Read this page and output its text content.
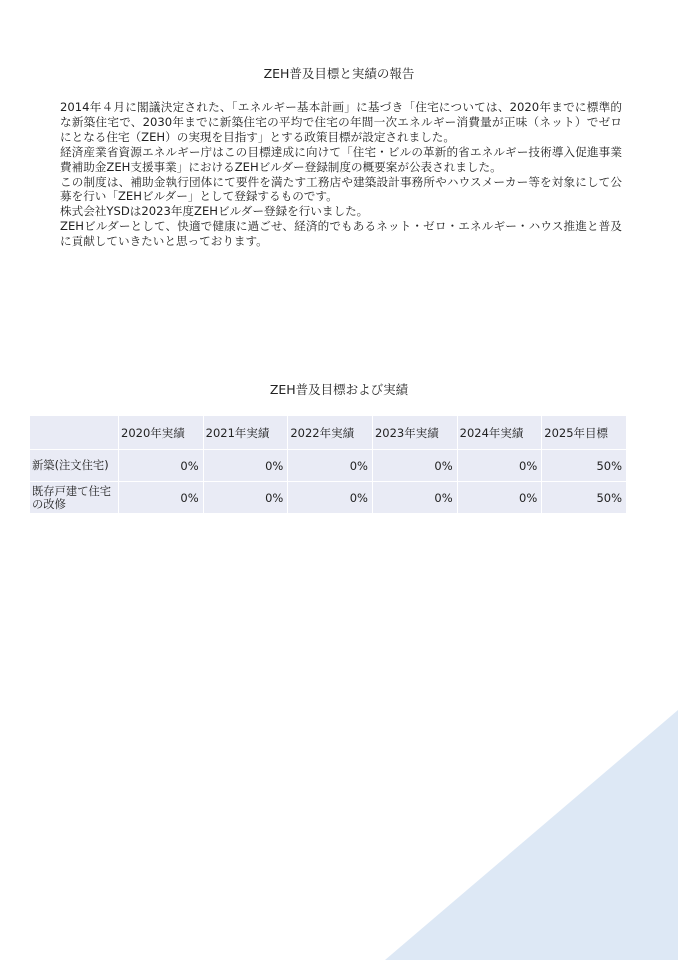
ZEH普及目標と実績の報告

2014年４月に閣議決定された、「エネルギー基本計画」に基づき「住宅については、2020年までに標準的な新築住宅で、2030年までに新築住宅の平均で住宅の年間一次エネルギー消費量が正味（ネット）でゼロにとなる住宅（ZEH）の実現を目指す」とする政策目標が設定されました。

経済産業省資源エネルギー庁はこの目標達成に向けて「住宅・ビルの革新的省エネルギー技術導入促進事業費補助金ZEH支援事業」におけるZEHビルダー登録制度の概要案が公表されました。

この制度は、補助金執行団体にて要件を満たす工務店や建築設計事務所やハウスメーカー等を対象にして公募を行い「ZEHビルダー」として登録するものです。

株式会社YSDは2023年度ZEHビルダー登録を行いました。

ZEHビルダーとして、快適で健康に過ごせ、経済的でもあるネット・ゼロ・エネルギー・ハウス推進と普及に貢献していきたいと思っております。

ZEH普及目標および実績
	2020年実績	2021年実績	2022年実績	2023年実績	2024年実績	2025年目標
新築(注文住宅)	0%	0%	0%	0%	0%	50%
既存戸建て住宅の改修	0%	0%	0%	0%	0%	50%
